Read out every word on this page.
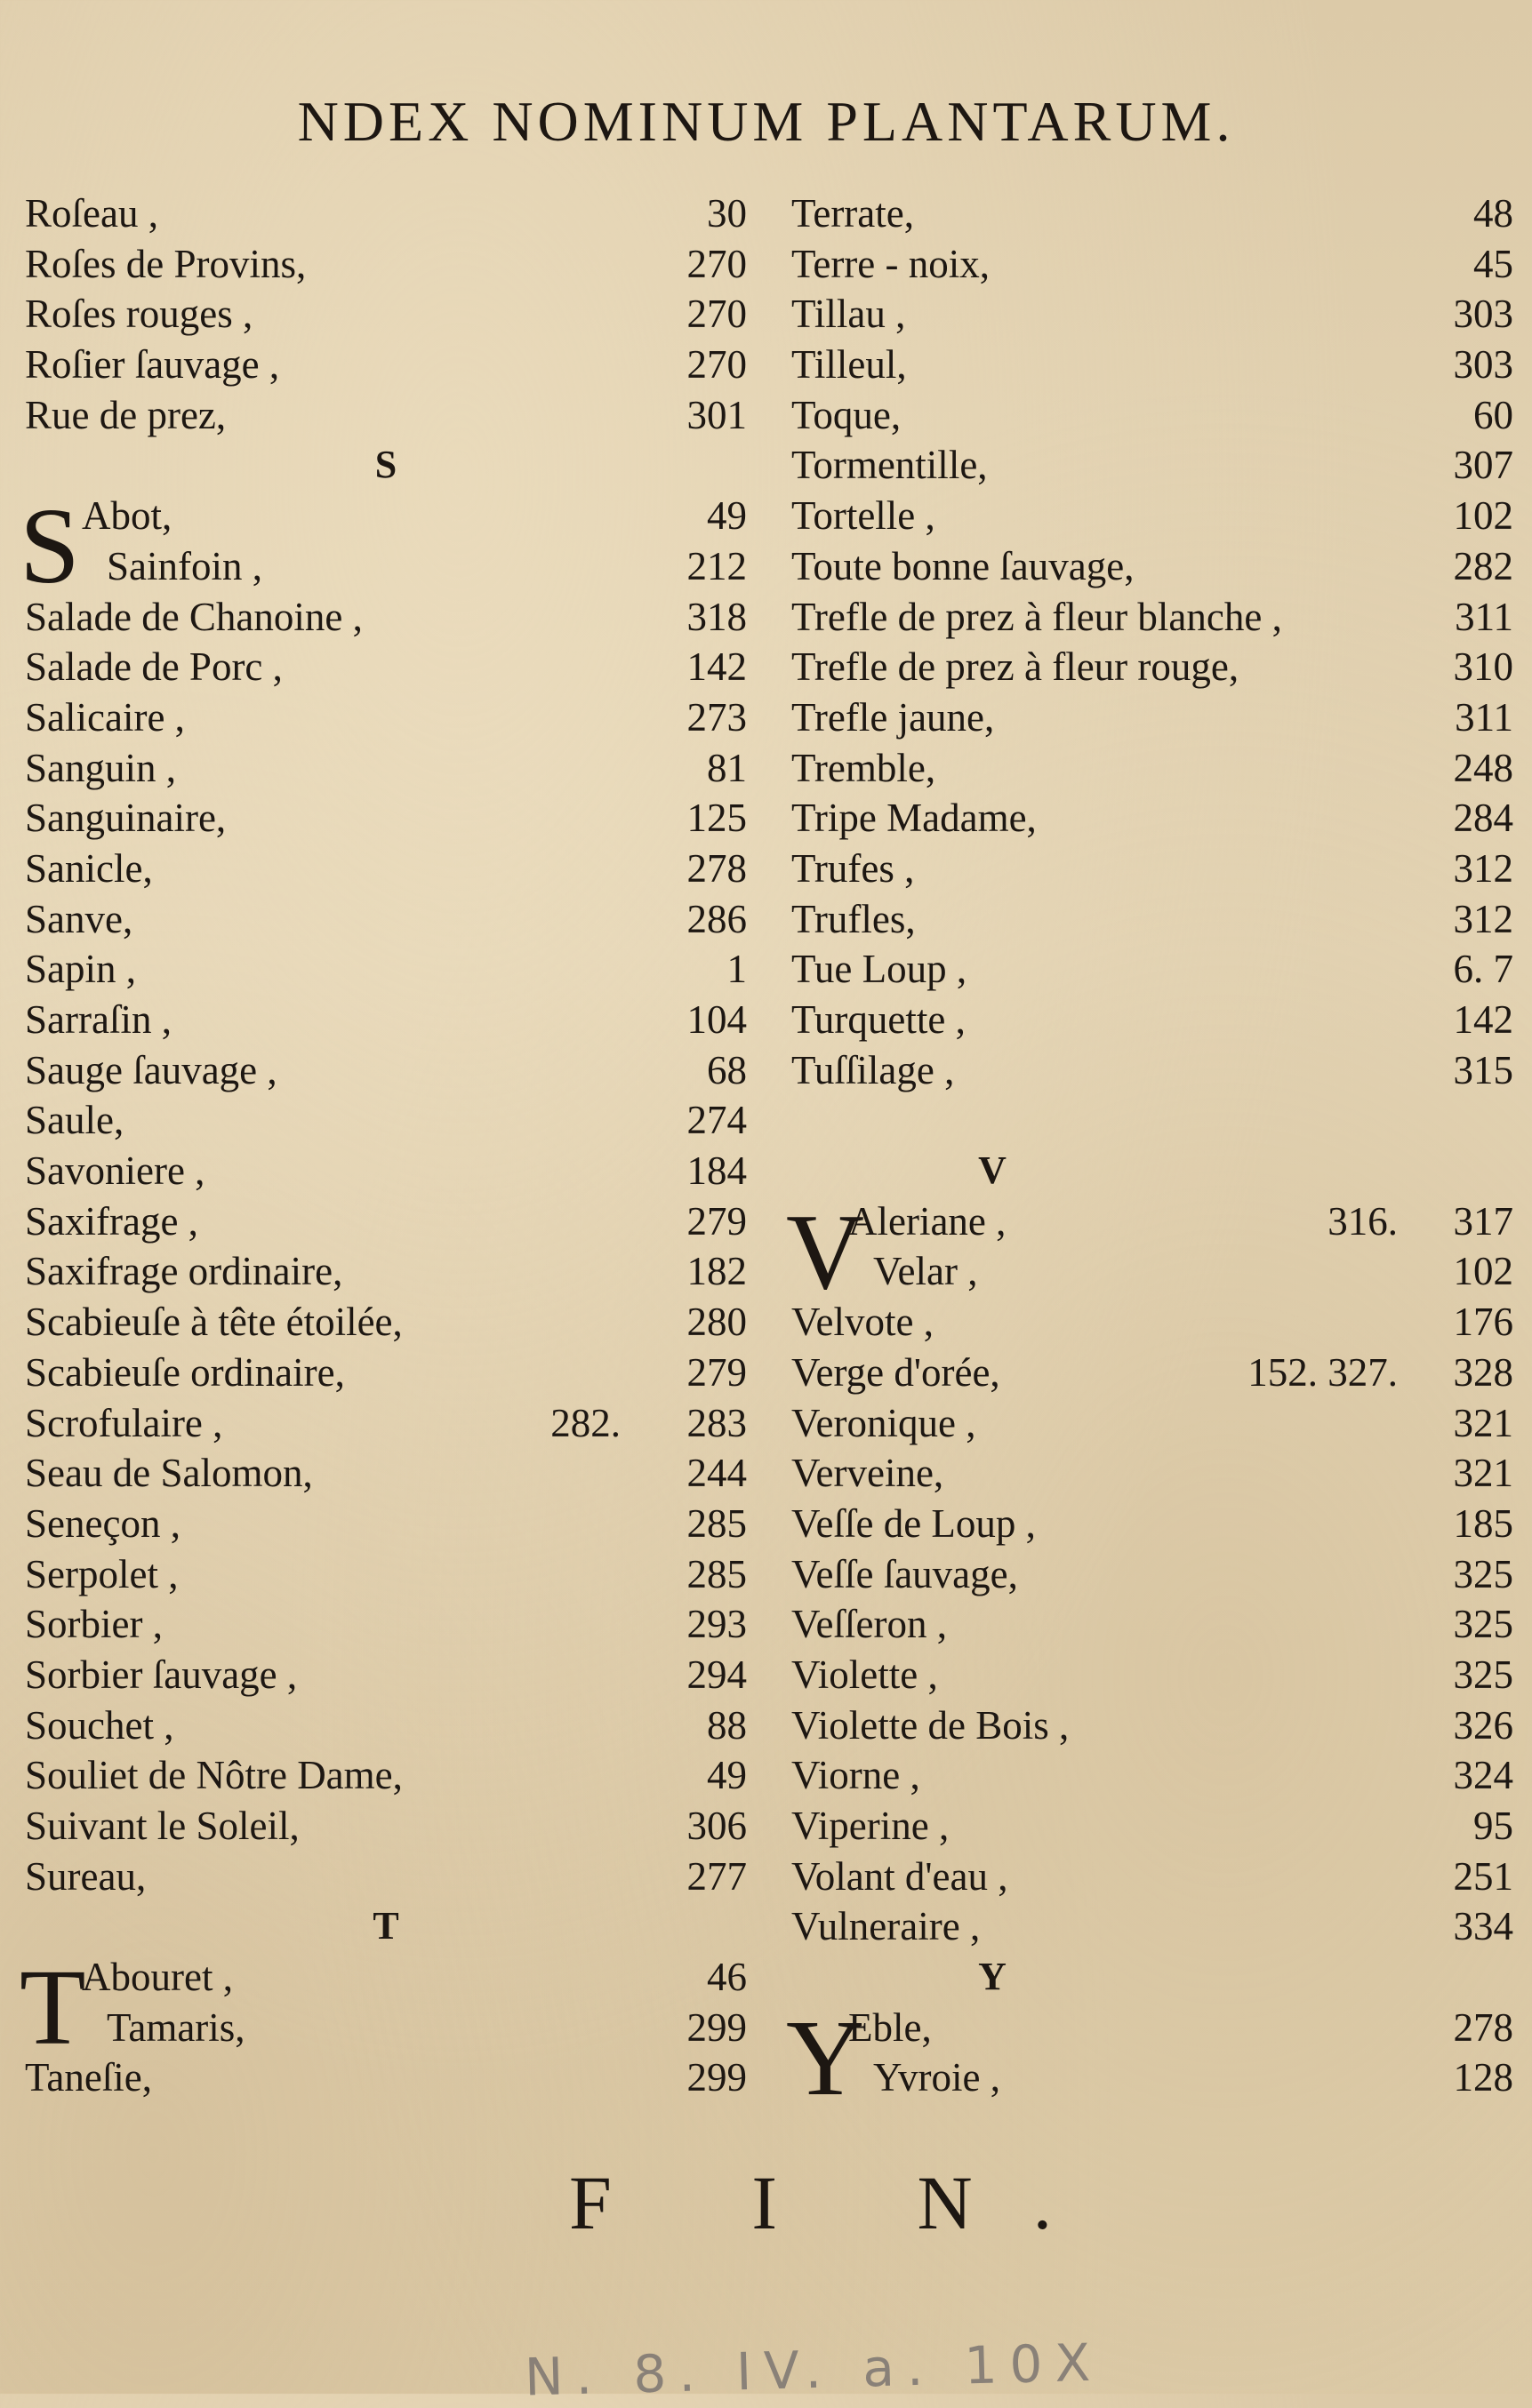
NDEX NOMINUM PLANTARUM.
Roſeau ,	30
Roſes de Provins,	270
Roſes rouges ,	270
Roſier ſauvage ,	270
Rue de prez,	301
S
S Abot,	49
Sainfoin ,	212
Salade de Chanoine ,	318
Salade de Porc ,	142
Salicaire ,	273
Sanguin ,	81
Sanguinaire,	125
Sanicle,	278
Sanve,	286
Sapin ,	1
Sarraſin ,	104
Sauge ſauvage ,	68
Saule,	274
Savoniere ,	184
Saxifrage ,	279
Saxifrage ordinaire,	182
Scabieuſe à tête étoilée,	280
Scabieuſe ordinaire,	279
Scrofulaire ,	282. 283
Seau de Salomon,	244
Seneçon ,	285
Serpolet ,	285
Sorbier ,	293
Sorbier ſauvage ,	294
Souchet ,	88
Souliet de Nôtre Dame,	49
Suivant le Soleil,	306
Sureau,	277
T
T
Abouret ,	46
Tamaris,	299
Taneſie,	299
Terrate,	48
Terre - noix,	45
Tillau ,	303
Tilleul,	303
Toque,	60
Tormentille,	307
Tortelle ,	102
Toute bonne ſauvage,	282
Trefle de prez à fleur blanche ,	311
Trefle de prez à fleur rouge,	310
Trefle jaune,	311
Tremble,	248
Tripe Madame,	284
Trufes ,	312
Trufles,	312
Tue Loup ,	6. 7
Turquette ,	142
Tuſſilage ,	315
V
V
Aleriane ,	316. 317
Velar ,	102
Velvote ,	176
Verge d'orée,	152. 327. 328
Veronique ,	321
Verveine,	321
Veſſe de Loup ,	185
Veſſe ſauvage,	325
Veſſeron ,	325
Violette ,	325
Violette de Bois ,	326
Viorne ,	324
Viperine ,	95
Volant d'eau ,	251
Vulneraire ,	334
Y
Y
Eble,	278
Yvroie ,	128
F I N.
N. 8. IV. a. 10X
